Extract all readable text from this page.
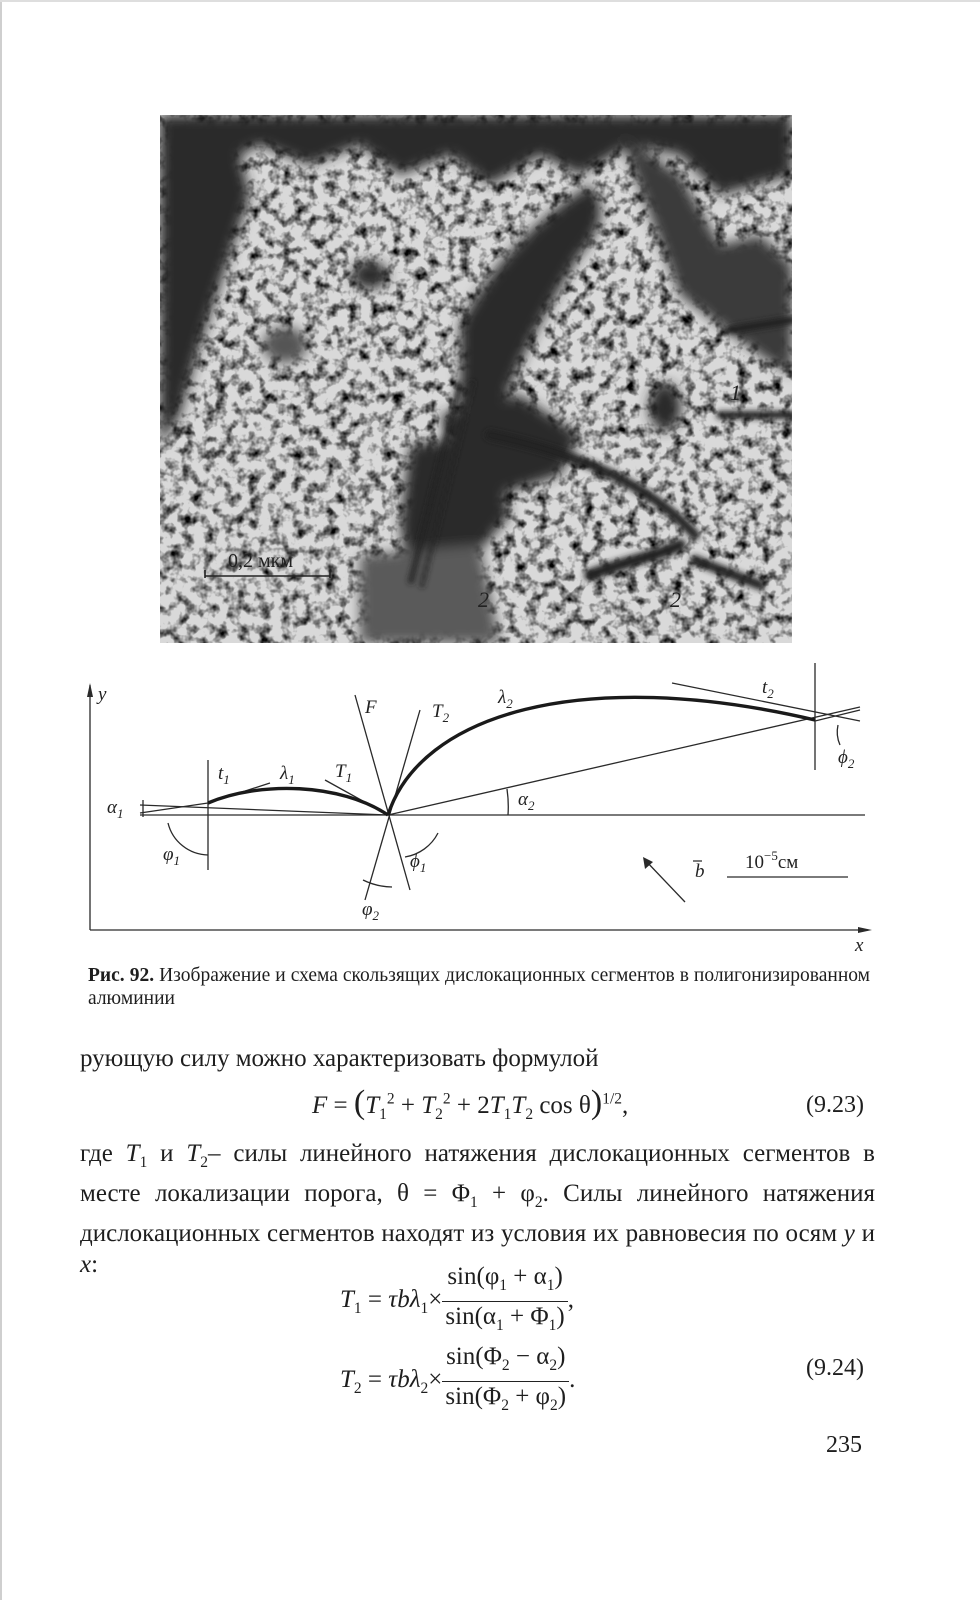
0,2 мкм
1
2	2
y
x
F	$T_2$
$\lambda_2$
$t_2$
$\phi_2$
$t_1$	$\lambda_1$ $T_1$
$\alpha_1$
$\alpha_2$
$\varphi_1$	$\phi_1$
$\varphi_2$
b $10^{-5}см$
Рис. 92. Изображение и схема скользящих дислокационных сегментов в полигонизированном алюминии
рующую силу можно характеризовать формулой
$F = (T_1^2 + T_2^2 + 2T_1T_2$ cos θ)$^{1/2}$,	(9.23)
где $T_1$ и $T_2-$ силы линейного натяжения дислокационных сегментов в месте локализации порога, $\theta = \Phi_1 + \varphi_2$. Силы линейного натяжения дислокационных сегментов находят из условия их равновесия по осям y и x:
$T_1 = \tau b\lambda_1\times \frac{\sin(\varphi_1 + \alpha_1)}{\sin(\alpha_1 + \Phi_1)}$ ,
$T_2 = \tau b\lambda_2\times \frac{\sin(\Phi_2 - \alpha_2)}{\sin(\Phi_2 + \varphi_2)}$ .	(9.24)
235
